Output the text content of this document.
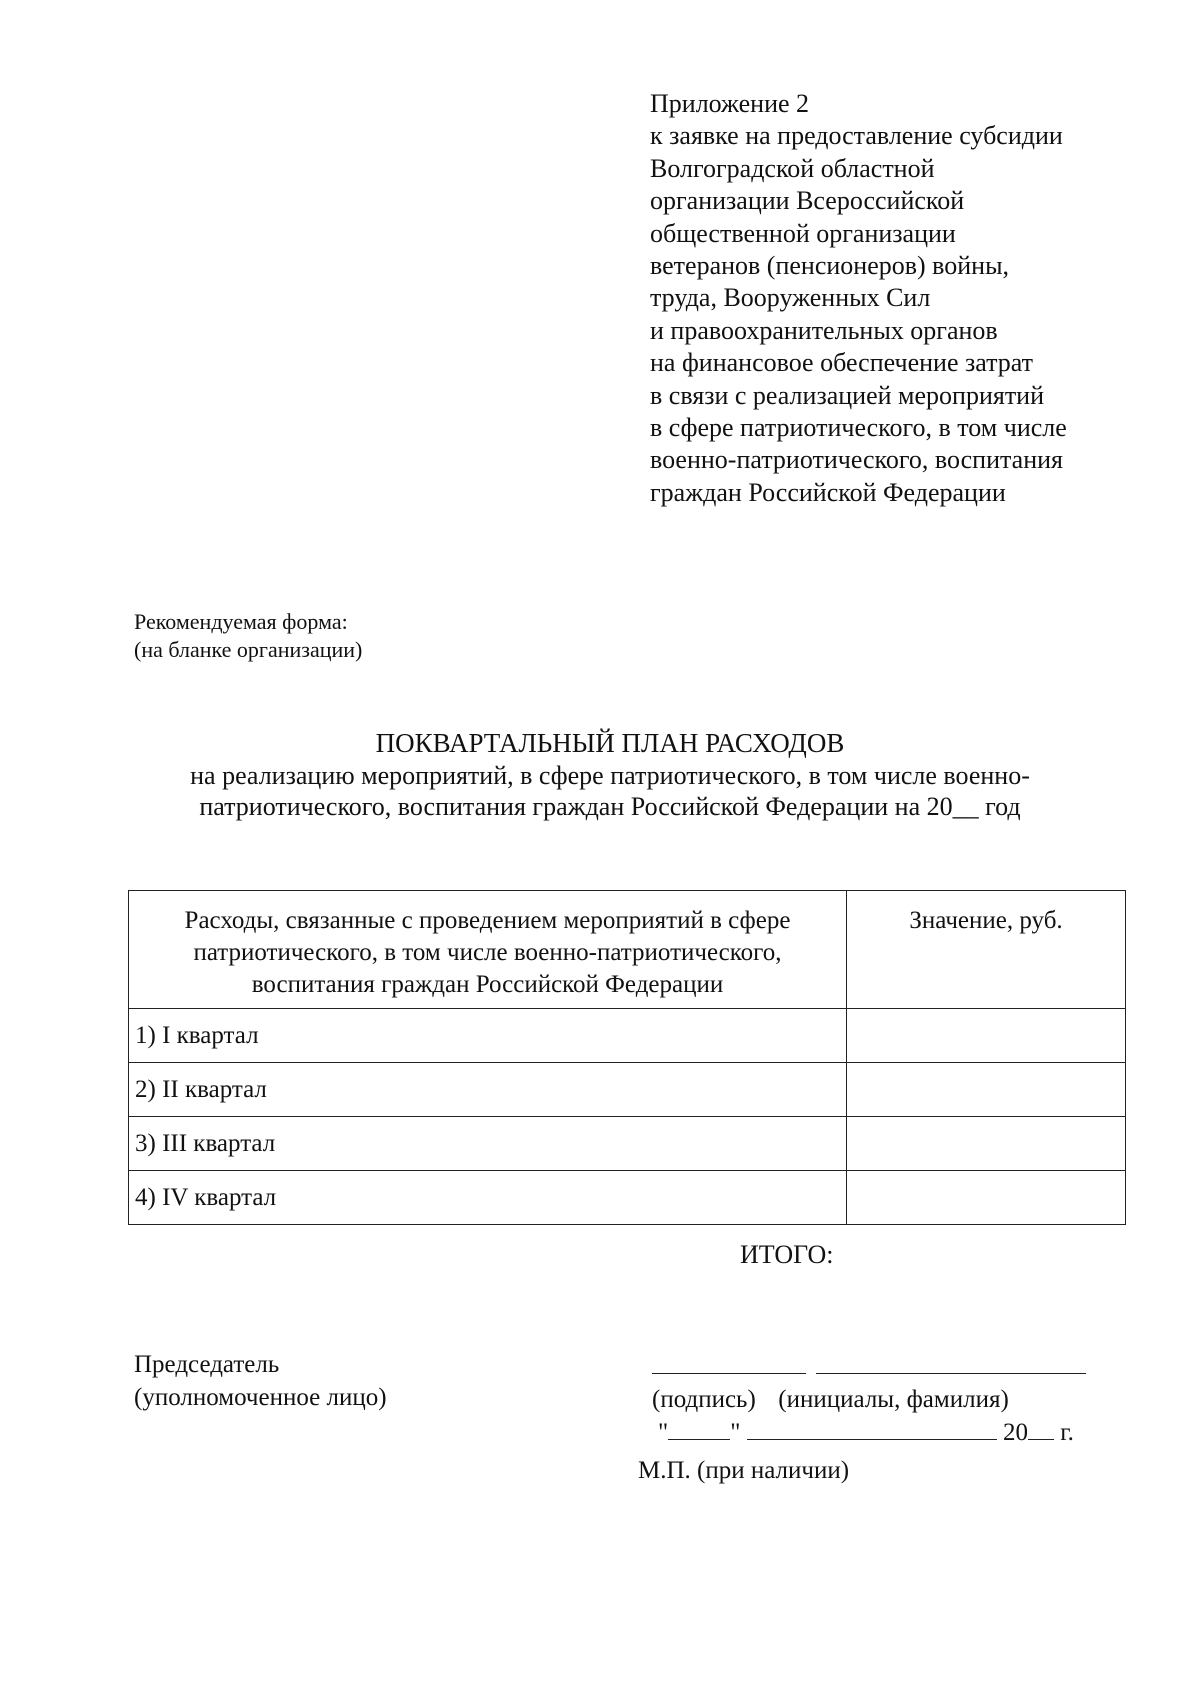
Приложение 2
к заявке на предоставление субсидии
Волгоградской областной
организации Всероссийской
общественной организации
ветеранов (пенсионеров) войны,
труда, Вооруженных Сил
и правоохранительных органов
на финансовое обеспечение затрат
в связи с реализацией мероприятий
в сфере патриотического, в том числе
военно-патриотического, воспитания
граждан Российской Федерации
Рекомендуемая форма:
(на бланке организации)
ПОКВАРТАЛЬНЫЙ ПЛАН РАСХОДОВ
на реализацию мероприятий, в сфере патриотического, в том числе военно-
патриотического, воспитания граждан Российской Федерации на 20__ год
Расходы, связанные с проведением мероприятий в сфере
патриотического, в том числе военно-патриотического,
воспитания граждан Российской Федерации	Значение, руб.
1) I квартал	
2) II квартал	
3) III квартал	
4) IV квартал	
ИТОГО:
Председатель
(уполномоченное лицо)	(подпись) (инициалы, фамилия)
" "	20 г.
М.П. (при наличии)
